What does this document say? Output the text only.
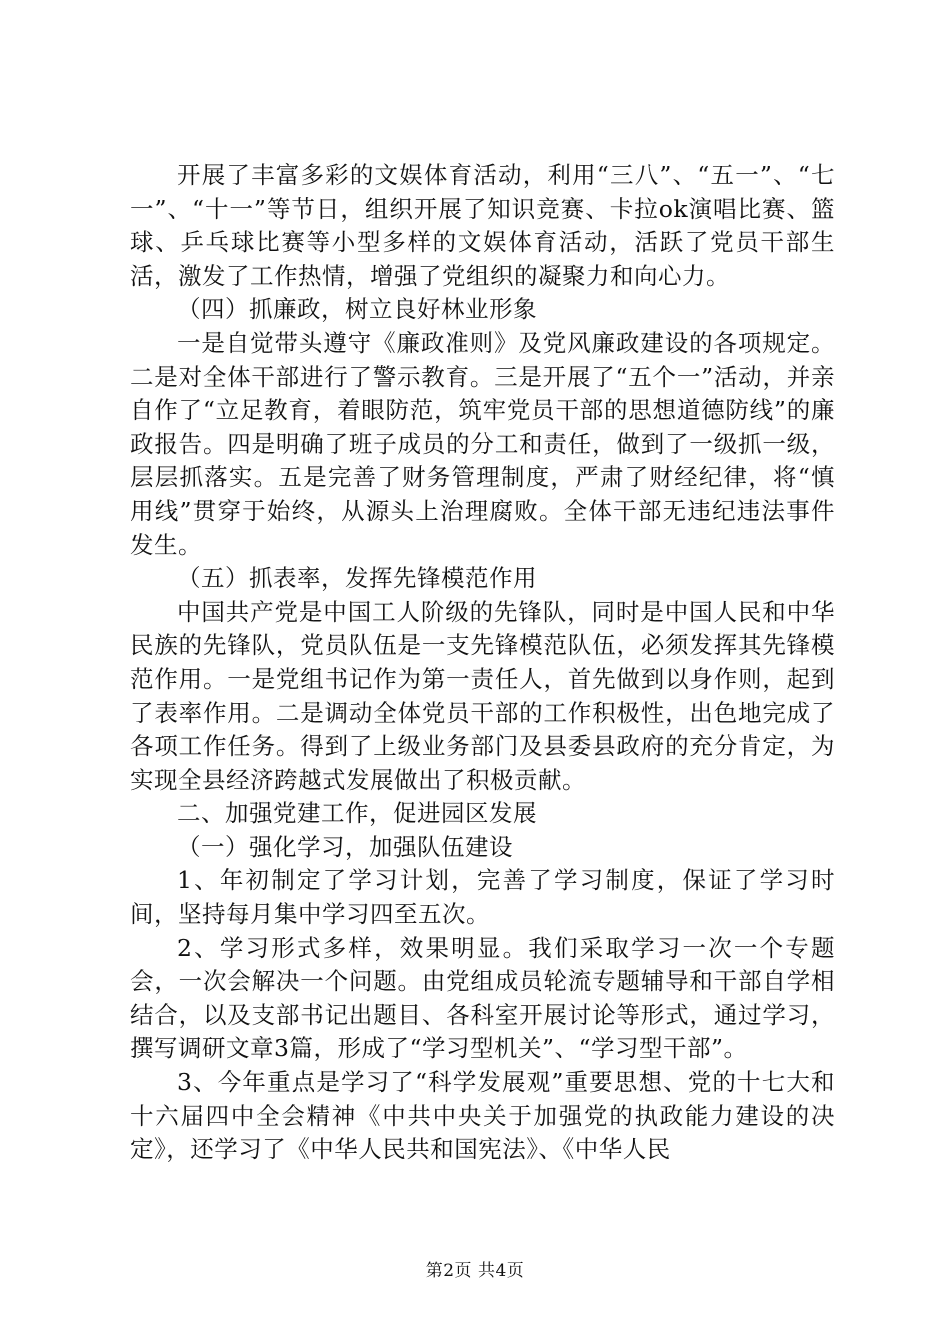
开展了丰富多彩的文娱体育活动，利用“三八”、“五一”、“七一”、“十一”等节日，组织开展了知识竞赛、卡拉ok演唱比赛、篮球、乒乓球比赛等小型多样的文娱体育活动，活跃了党员干部生活，激发了工作热情，增强了党组织的凝聚力和向心力。

（四）抓廉政，树立良好林业形象

一是自觉带头遵守《廉政准则》及党风廉政建设的各项规定。二是对全体干部进行了警示教育。三是开展了“五个一”活动，并亲自作了“立足教育，着眼防范，筑牢党员干部的思想道德防线”的廉政报告。四是明确了班子成员的分工和责任，做到了一级抓一级，层层抓落实。五是完善了财务管理制度，严肃了财经纪律，将“慎用线”贯穿于始终，从源头上治理腐败。全体干部无违纪违法事件发生。

（五）抓表率，发挥先锋模范作用

中国共产党是中国工人阶级的先锋队，同时是中国人民和中华民族的先锋队，党员队伍是一支先锋模范队伍，必须发挥其先锋模范作用。一是党组书记作为第一责任人，首先做到以身作则，起到了表率作用。二是调动全体党员干部的工作积极性，出色地完成了各项工作任务。得到了上级业务部门及县委县政府的充分肯定，为实现全县经济跨越式发展做出了积极贡献。

二、加强党建工作，促进园区发展

（一）强化学习，加强队伍建设

1、年初制定了学习计划，完善了学习制度，保证了学习时间，坚持每月集中学习四至五次。

2、学习形式多样，效果明显。我们采取学习一次一个专题会，一次会解决一个问题。由党组成员轮流专题辅导和干部自学相结合，以及支部书记出题目、各科室开展讨论等形式，通过学习，撰写调研文章3篇，形成了“学习型机关”、“学习型干部”。

3、今年重点是学习了“科学发展观”重要思想、党的十七大和十六届四中全会精神《中共中央关于加强党的执政能力建设的决定》，还学习了《中华人民共和国宪法》、《中华人民

第2页 共4页
